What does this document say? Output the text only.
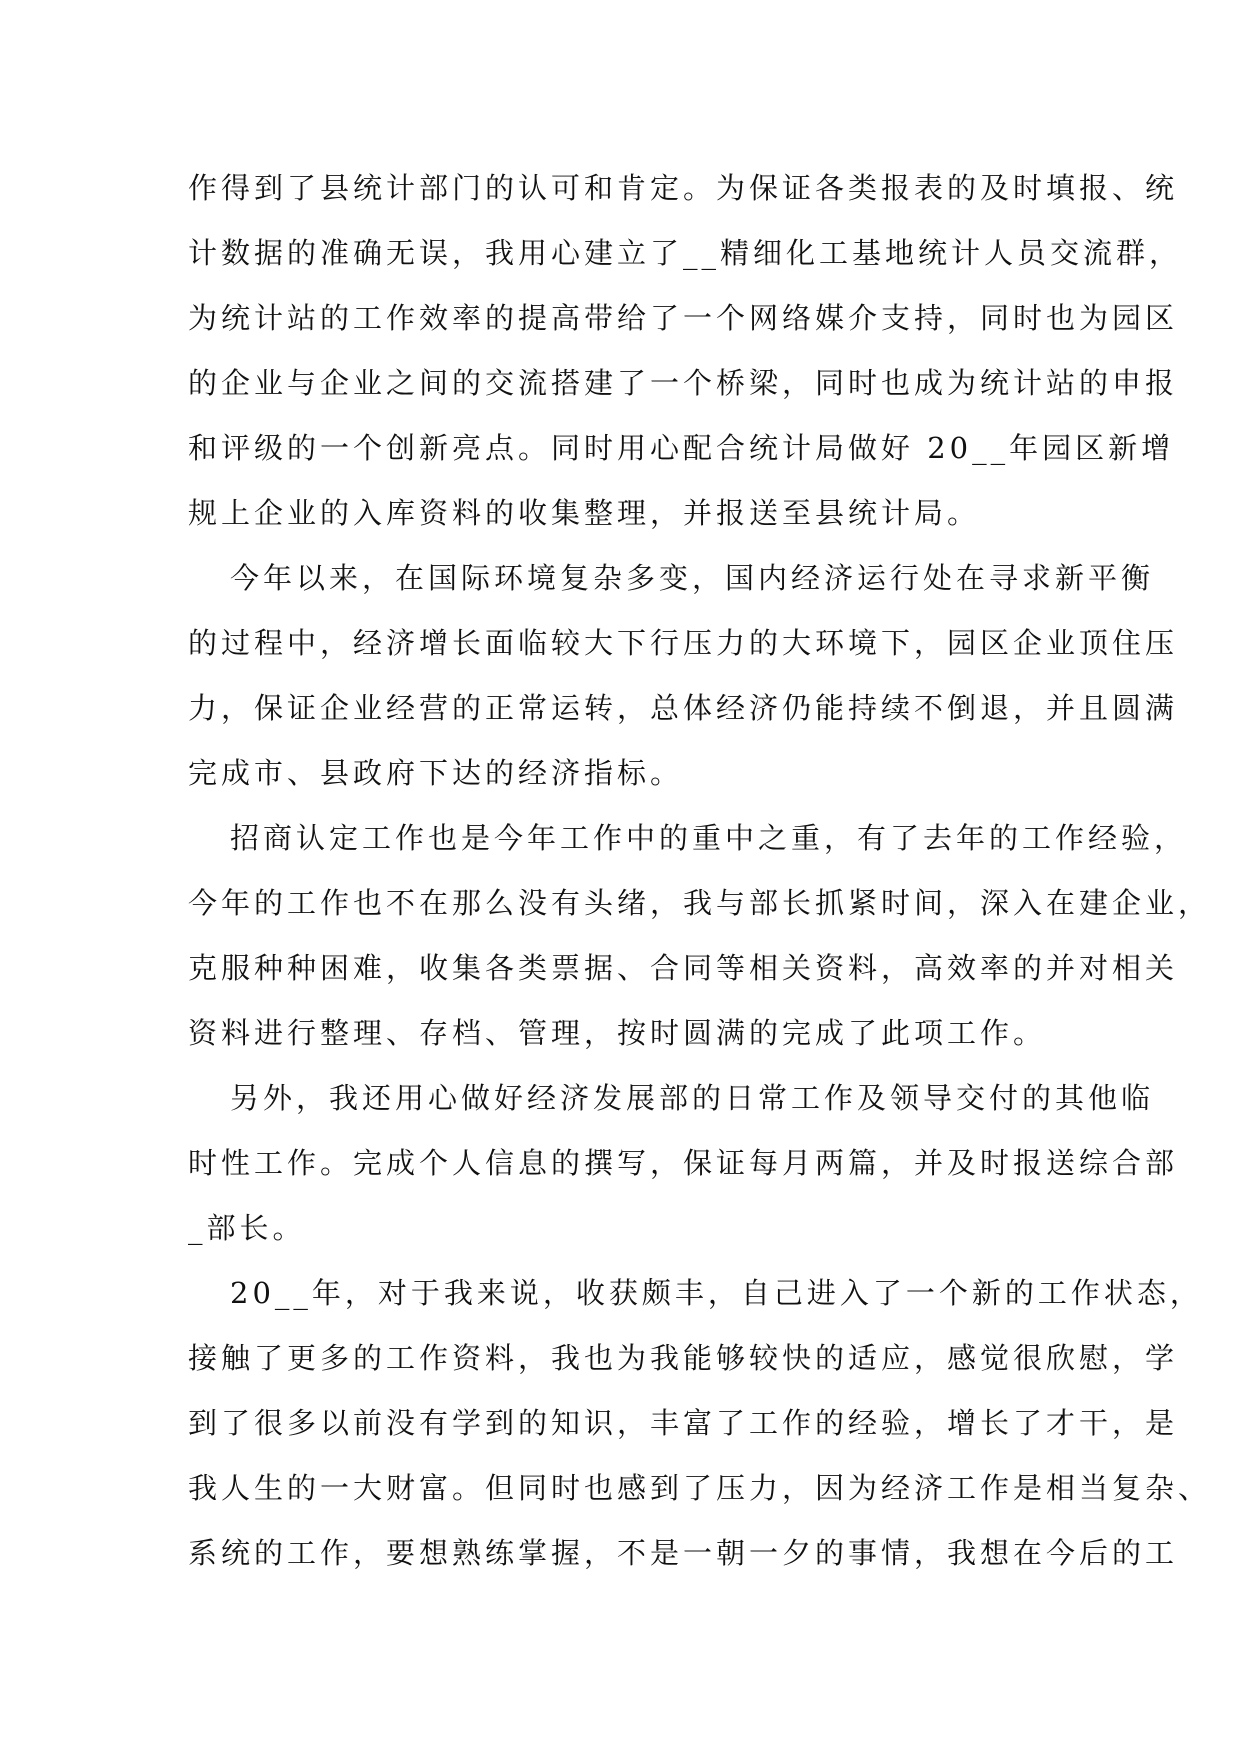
作得到了县统计部门的认可和肯定。为保证各类报表的及时填报、统
计数据的准确无误，我用心建立了__精细化工基地统计人员交流群，
为统计站的工作效率的提高带给了一个网络媒介支持，同时也为园区
的企业与企业之间的交流搭建了一个桥梁，同时也成为统计站的申报
和评级的一个创新亮点。同时用心配合统计局做好 20__年园区新增
规上企业的入库资料的收集整理，并报送至县统计局。
今年以来，在国际环境复杂多变，国内经济运行处在寻求新平衡
的过程中，经济增长面临较大下行压力的大环境下，园区企业顶住压
力，保证企业经营的正常运转，总体经济仍能持续不倒退，并且圆满
完成市、县政府下达的经济指标。
招商认定工作也是今年工作中的重中之重，有了去年的工作经验，
今年的工作也不在那么没有头绪，我与部长抓紧时间，深入在建企业，
克服种种困难，收集各类票据、合同等相关资料，高效率的并对相关
资料进行整理、存档、管理，按时圆满的完成了此项工作。
另外，我还用心做好经济发展部的日常工作及领导交付的其他临
时性工作。完成个人信息的撰写，保证每月两篇，并及时报送综合部
_部长。
20__年，对于我来说，收获颇丰，自己进入了一个新的工作状态，
接触了更多的工作资料，我也为我能够较快的适应，感觉很欣慰，学
到了很多以前没有学到的知识，丰富了工作的经验，增长了才干，是
我人生的一大财富。但同时也感到了压力，因为经济工作是相当复杂、
系统的工作，要想熟练掌握，不是一朝一夕的事情，我想在今后的工
